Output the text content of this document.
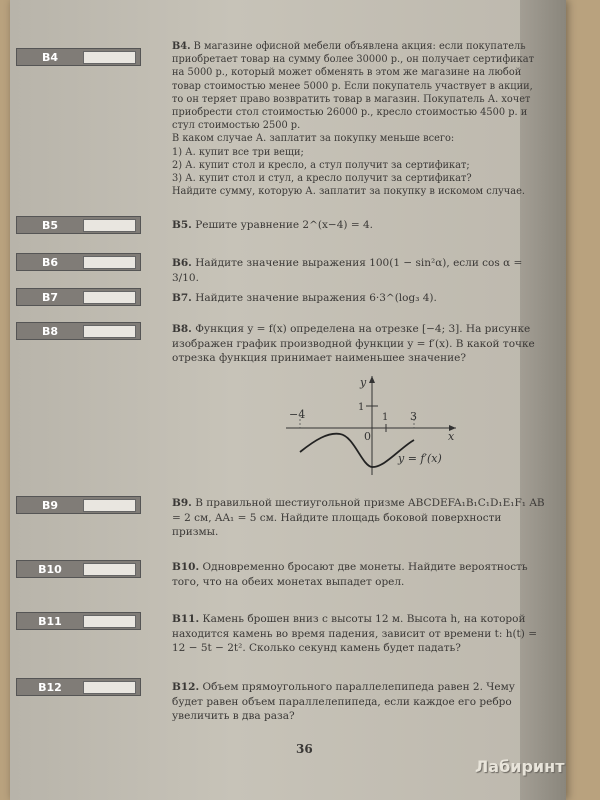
B4
B5
B6
B7
B8
B9
B10
B11
B12
B4. В магазине офисной мебели объявлена акция: если покупатель приобретает товар на сумму более 30000 р., он получает сертификат на 5000 р., который может обменять в этом же магазине на любой товар стоимостью менее 5000 р. Если покупатель участвует в акции, то он теряет право возвратить товар в магазин. Покупатель А. хочет приобрести стол стоимостью 26000 р., кресло стоимостью 4500 р. и стул стоимостью 2500 р.
В каком случае А. заплатит за покупку меньше всего:
1) А. купит все три вещи;
2) А. купит стол и кресло, а стул получит за сертификат;
3) А. купит стол и стул, а кресло получит за сертификат?
Найдите сумму, которую А. заплатит за покупку в искомом случае.
B5. Решите уравнение 2^(x−4) = 4.
B6. Найдите значение выражения 100(1 − sin²α), если cos α = 3/10.
B7. Найдите значение выражения 6·3^(log₃ 4).
B8. Функция y = f(x) определена на отрезке [−4; 3]. На рисунке изображен график производной функции y = f′(x). В какой точке отрезка функция принимает наименьшее значение?
−4	1 3
1
0
y
x
y = f′(x)
B9. В правильной шестиугольной призме ABCDEFA₁B₁C₁D₁E₁F₁ AB = 2 см, AA₁ = 5 см. Найдите площадь боковой поверхности призмы.
B10. Одновременно бросают две монеты. Найдите вероятность того, что на обеих монетах выпадет орел.
B11. Камень брошен вниз с высоты 12 м. Высота h, на которой находится камень во время падения, зависит от времени t: h(t) = 12 − 5t − 2t². Сколько секунд камень будет падать?
B12. Объем прямоугольного параллелепипеда равен 2. Чему будет равен объем параллелепипеда, если каждое его ребро увеличить в два раза?
36
Лабиринт
